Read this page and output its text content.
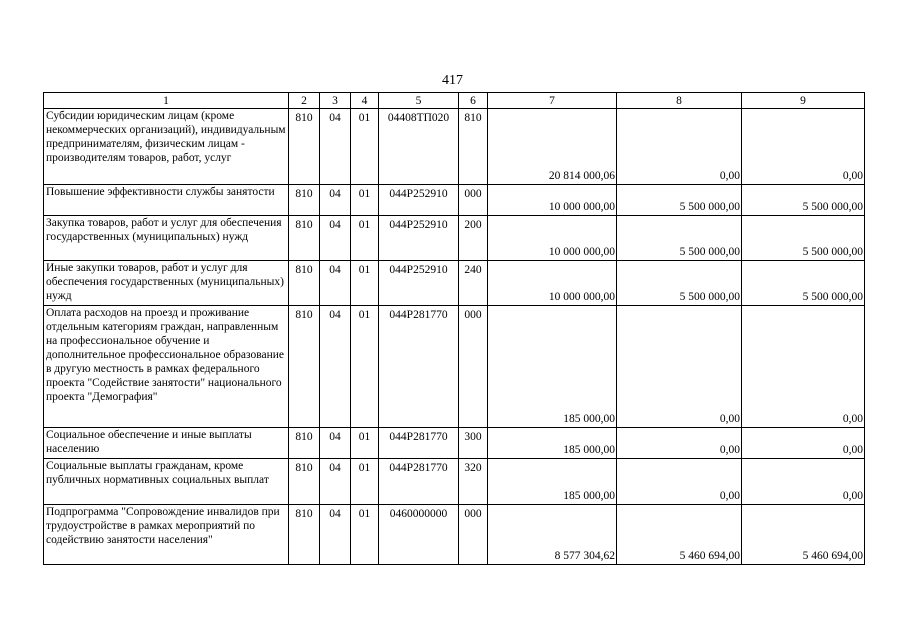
417
1	2	3	4	5	6	7	8	9
Субсидии юридическим лицам (кроме некоммерческих организаций), индивидуальным предпринимателям, физическим лицам - производителям товаров, работ, услуг	810	04	01	04408ТП020	810	20 814 000,06	0,00	0,00
Повышение эффективности службы занятости	810	04	01	044Р252910	000	10 000 000,00	5 500 000,00	5 500 000,00
Закупка товаров, работ и услуг для обеспечения государственных (муниципальных) нужд	810	04	01	044Р252910	200	10 000 000,00	5 500 000,00	5 500 000,00
Иные закупки товаров, работ и услуг для обеспечения государственных (муниципальных) нужд	810	04	01	044Р252910	240	10 000 000,00	5 500 000,00	5 500 000,00
Оплата расходов на проезд и проживание отдельным категориям граждан, направленным на профессиональное обучение и дополнительное профессиональное образование в другую местность в рамках федерального проекта "Содействие занятости" национального проекта "Демография"	810	04	01	044Р281770	000	185 000,00	0,00	0,00
Социальное обеспечение и иные выплаты населению	810	04	01	044Р281770	300	185 000,00	0,00	0,00
Социальные выплаты гражданам, кроме публичных нормативных социальных выплат	810	04	01	044Р281770	320	185 000,00	0,00	0,00
Подпрограмма "Сопровождение инвалидов при трудоустройстве в рамках мероприятий по содействию занятости населения"	810	04	01	0460000000	000	8 577 304,62	5 460 694,00	5 460 694,00
